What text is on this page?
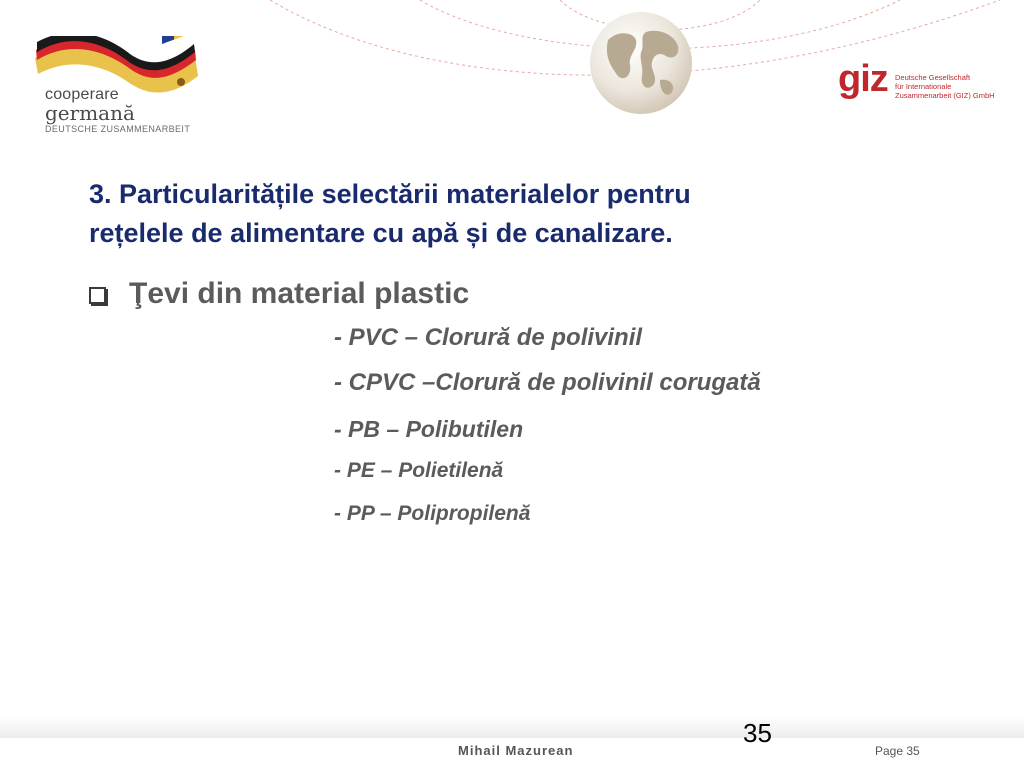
cooperare
germană
DEUTSCHE ZUSAMMENARBEIT
giz Deutsche Gesellschaft
für Internationale
Zusammenarbeit (GIZ) GmbH
3. Particularitățile selectării materialelor pentru
rețelele de alimentare cu apă și de canalizare.
Ţevi din material plastic
- PVC – Clorură de polivinil
- CPVC –Clorură de polivinil corugată
- PB – Polibutilen
- PE – Polietilenă
- PP – Polipropilenă
35
Mihail Mazurean	Page 35
